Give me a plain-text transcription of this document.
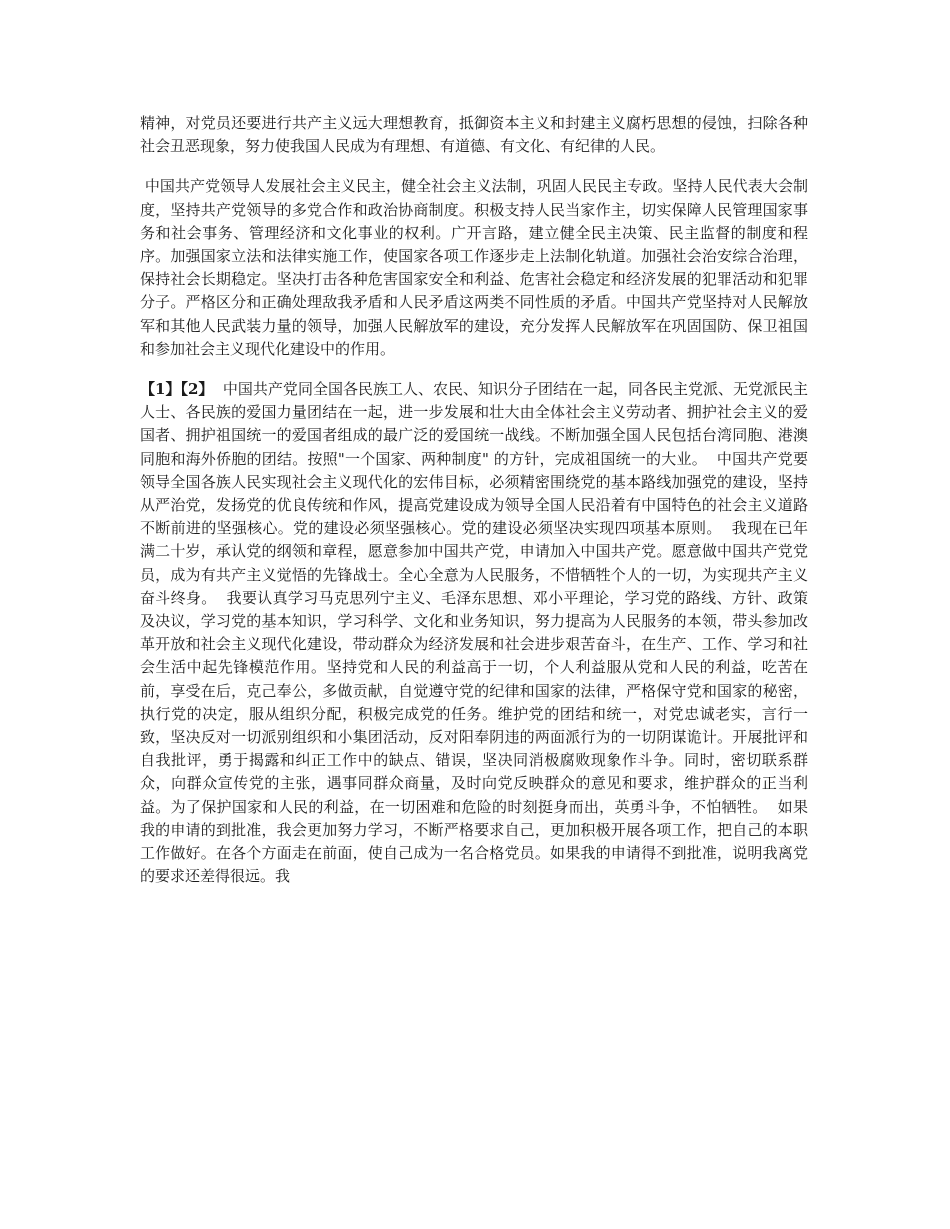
精神，对党员还要进行共产主义远大理想教育，抵御资本主义和封建主义腐朽思想的侵蚀，扫除各种社会丑恶现象，努力使我国人民成为有理想、有道德、有文化、有纪律的人民。

中国共产党领导人发展社会主义民主，健全社会主义法制，巩固人民民主专政。坚持人民代表大会制度，坚持共产党领导的多党合作和政治协商制度。积极支持人民当家作主，切实保障人民管理国家事务和社会事务、管理经济和文化事业的权利。广开言路，建立健全民主决策、民主监督的制度和程序。加强国家立法和法律实施工作，使国家各项工作逐步走上法制化轨道。加强社会治安综合治理，保持社会长期稳定。坚决打击各种危害国家安全和利益、危害社会稳定和经济发展的犯罪活动和犯罪分子。严格区分和正确处理敌我矛盾和人民矛盾这两类不同性质的矛盾。中国共产党坚持对人民解放军和其他人民武装力量的领导，加强人民解放军的建设，充分发挥人民解放军在巩固国防、保卫祖国和参加社会主义现代化建设中的作用。

【1】【2】  中国共产党同全国各民族工人、农民、知识分子团结在一起，同各民主党派、无党派民主人士、各民族的爱国力量团结在一起，进一步发展和壮大由全体社会主义劳动者、拥护社会主义的爱国者、拥护祖国统一的爱国者组成的最广泛的爱国统一战线。不断加强全国人民包括台湾同胞、港澳同胞和海外侨胞的团结。按照"一个国家、两种制度" 的方针，完成祖国统一的大业。  中国共产党要领导全国各族人民实现社会主义现代化的宏伟目标，必须精密围绕党的基本路线加强党的建设，坚持从严治党，发扬党的优良传统和作风，提高党建设成为领导全国人民沿着有中国特色的社会主义道路不断前进的坚强核心。党的建设必须坚强核心。党的建设必须坚决实现四项基本原则。  我现在已年满二十岁，承认党的纲领和章程，愿意参加中国共产党，申请加入中国共产党。愿意做中国共产党党员，成为有共产主义觉悟的先锋战士。全心全意为人民服务，不惜牺牲个人的一切，为实现共产主义奋斗终身。  我要认真学习马克思列宁主义、毛泽东思想、邓小平理论，学习党的路线、方针、政策及决议，学习党的基本知识，学习科学、文化和业务知识，努力提高为人民服务的本领，带头参加改革开放和社会主义现代化建设，带动群众为经济发展和社会进步艰苦奋斗，在生产、工作、学习和社会生活中起先锋模范作用。坚持党和人民的利益高于一切，个人利益服从党和人民的利益，吃苦在前，享受在后，克己奉公，多做贡献，自觉遵守党的纪律和国家的法律，严格保守党和国家的秘密，执行党的决定，服从组织分配，积极完成党的任务。维护党的团结和统一，对党忠诚老实，言行一致，坚决反对一切派别组织和小集团活动，反对阳奉阴违的两面派行为的一切阴谋诡计。开展批评和自我批评，勇于揭露和纠正工作中的缺点、错误，坚决同消极腐败现象作斗争。同时，密切联系群众，向群众宣传党的主张，遇事同群众商量，及时向党反映群众的意见和要求，维护群众的正当利益。为了保护国家和人民的利益，在一切困难和危险的时刻挺身而出，英勇斗争，不怕牺牲。  如果我的申请的到批准，我会更加努力学习，不断严格要求自己，更加积极开展各项工作，把自己的本职工作做好。在各个方面走在前面，使自己成为一名合格党员。如果我的申请得不到批准，说明我离党的要求还差得很远。我
